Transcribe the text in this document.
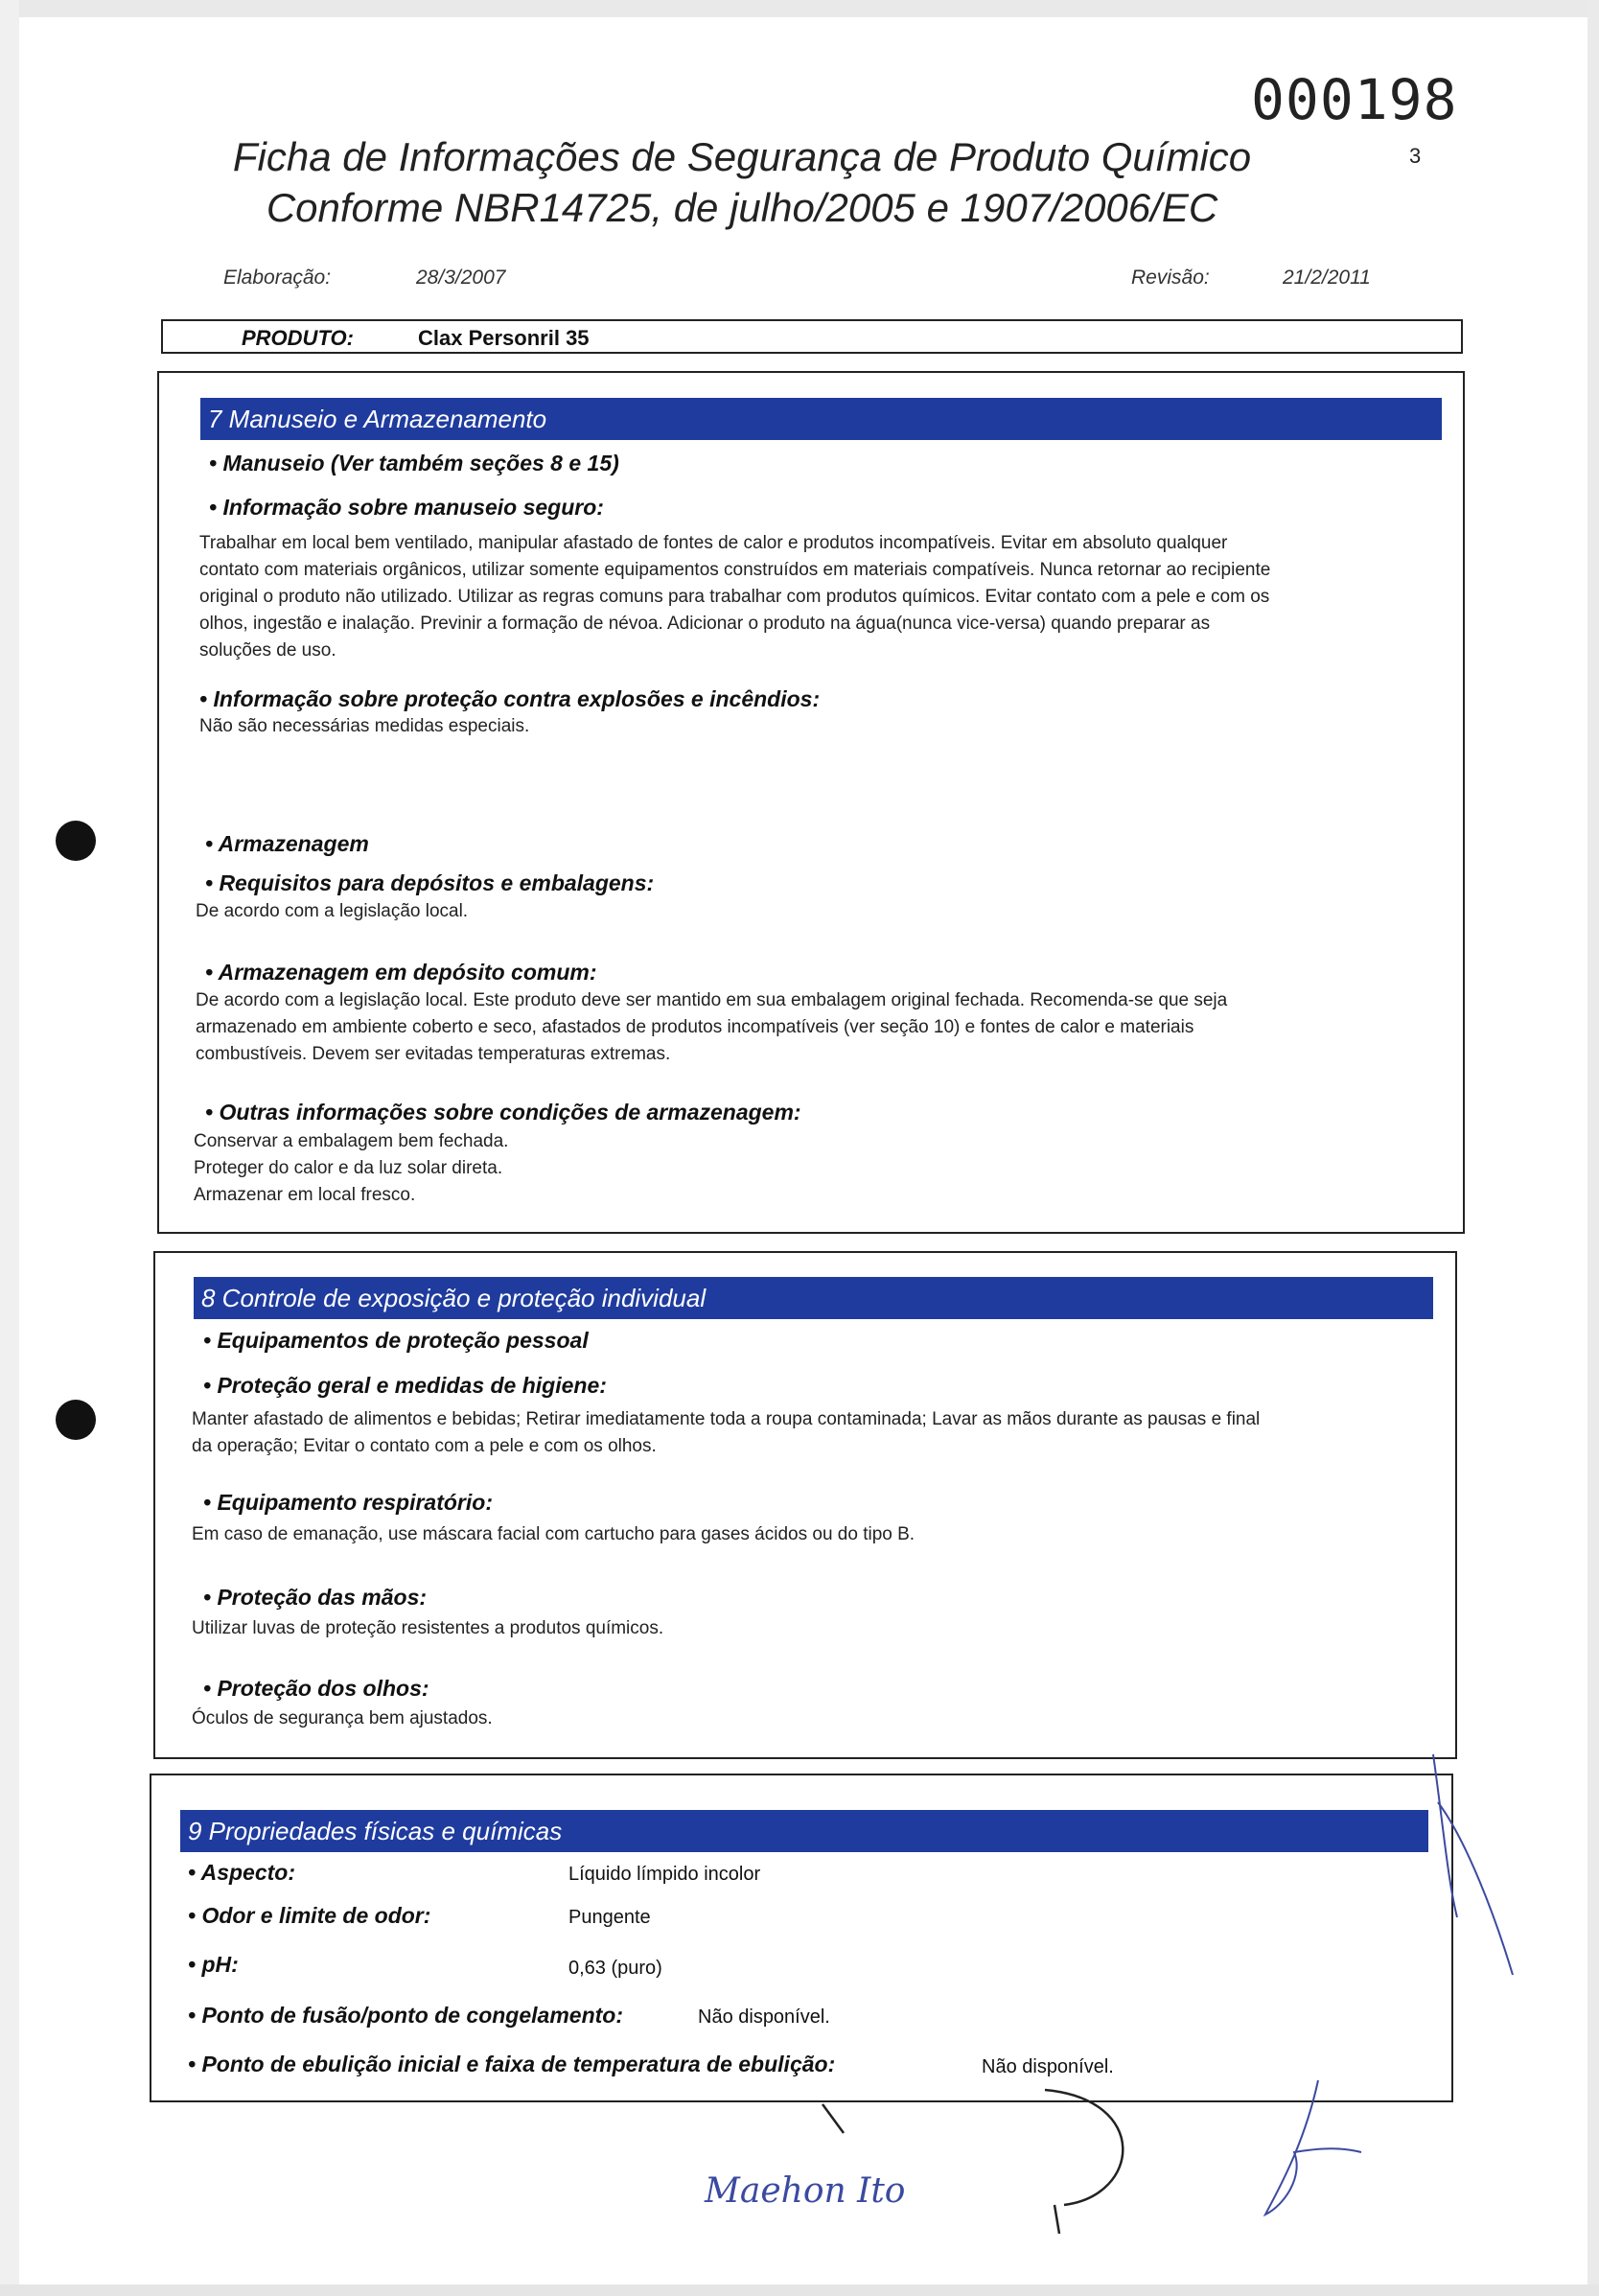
000198
3
Ficha de Informações de Segurança de Produto Químico
Conforme NBR14725, de julho/2005 e 1907/2006/EC
Elaboração:	28/3/2007	Revisão:	21/2/2011
PRODUTO:	Clax Personril 35
7 Manuseio e Armazenamento
• Manuseio (Ver também seções 8 e 15)
• Informação sobre manuseio seguro:
Trabalhar em local bem ventilado, manipular afastado de fontes de calor e produtos incompatíveis. Evitar em absoluto qualquer
contato com materiais orgânicos, utilizar somente equipamentos construídos em materiais compatíveis. Nunca retornar ao recipiente
original o produto não utilizado. Utilizar as regras comuns para trabalhar com produtos químicos. Evitar contato com a pele e com os
olhos, ingestão e inalação. Previnir a formação de névoa. Adicionar o produto na água(nunca vice-versa) quando preparar as
soluções de uso.
• Informação sobre proteção contra explosões e incêndios:
Não são necessárias medidas especiais.
• Armazenagem
• Requisitos para depósitos e embalagens:
De acordo com a legislação local.
• Armazenagem em depósito comum:
De acordo com a legislação local. Este produto deve ser mantido em sua embalagem original fechada. Recomenda-se que seja
armazenado em ambiente coberto e seco, afastados de produtos incompatíveis (ver seção 10) e fontes de calor e materiais
combustíveis. Devem ser evitadas temperaturas extremas.
• Outras informações sobre condições de armazenagem:
Conservar a embalagem bem fechada.
Proteger do calor e da luz solar direta.
Armazenar em local fresco.
8 Controle de exposição e proteção individual
• Equipamentos de proteção pessoal
• Proteção geral e medidas de higiene:
Manter afastado de alimentos e bebidas; Retirar imediatamente toda a roupa contaminada; Lavar as mãos durante as pausas e final
da operação; Evitar o contato com a pele e com os olhos.
• Equipamento respiratório:
Em caso de emanação, use máscara facial com cartucho para gases ácidos ou do tipo B.
• Proteção das mãos:
Utilizar luvas de proteção resistentes a produtos químicos.
• Proteção dos olhos:
Óculos de segurança bem ajustados.
9 Propriedades físicas e químicas
• Aspecto:	Líquido límpido incolor
• Odor e limite de odor:	Pungente
• pH:	0,63 (puro)
• Ponto de fusão/ponto de congelamento:	Não disponível.
• Ponto de ebulição inicial e faixa de temperatura de ebulição:	Não disponível.
Maehon Ito
